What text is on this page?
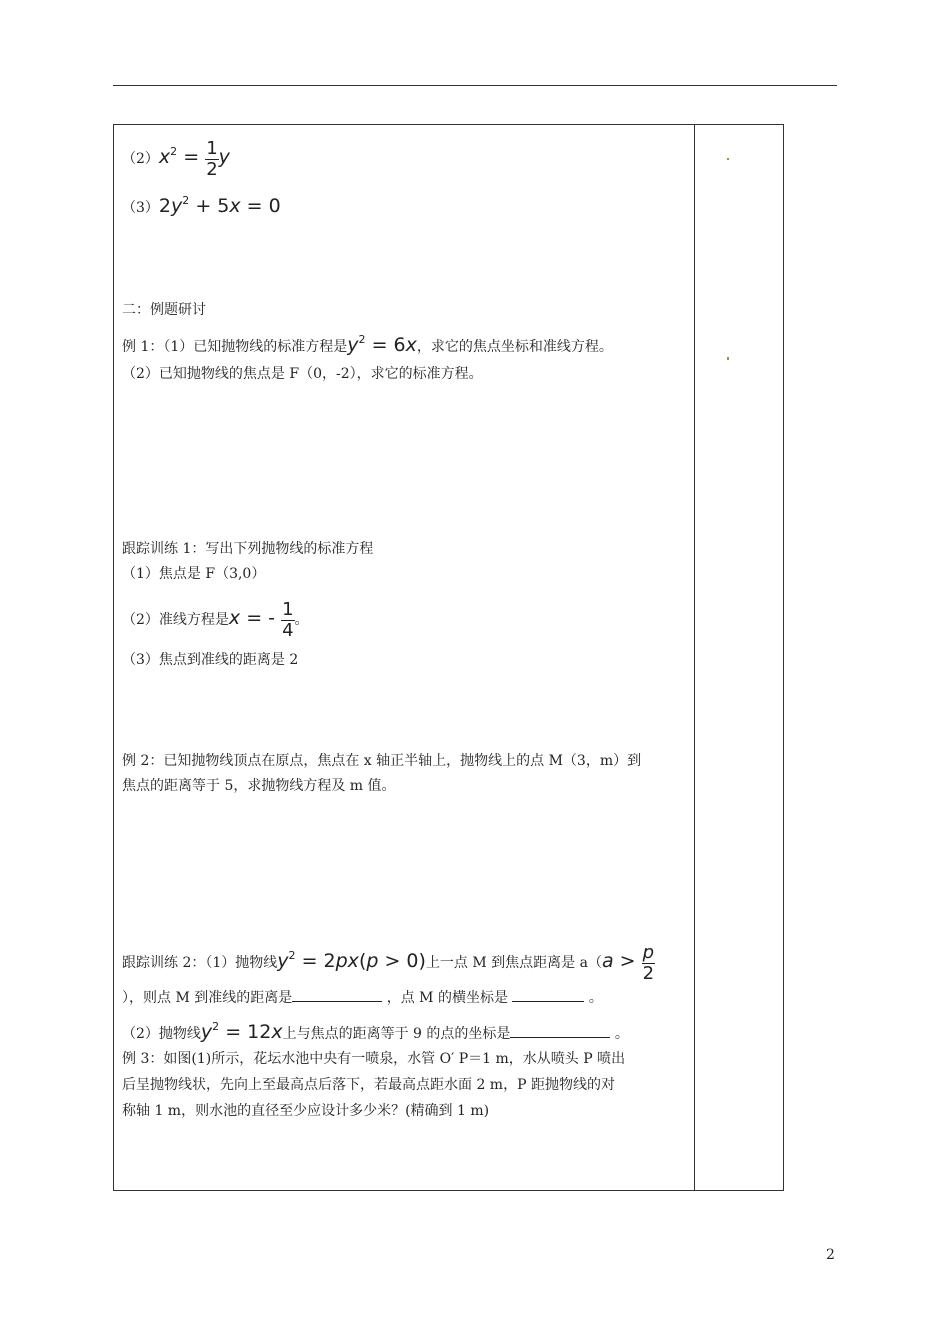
$(2)x^2 = \frac{1}{2}$ y
$(3)2y^2 + 5x = 0$
二：例题研讨
例 1：（1）已知抛物线的标准方程是$y^2 = 6x$，求它的焦点坐标和准线方程。
（2）已知抛物线的焦点是 F（0，-2），求它的标准方程。
跟踪训练 1：写出下列抛物线的标准方程
（1）焦点是 F（3,0）
（2）准线方程是x = - $\frac{1}{4}$ 。
（3）焦点到准线的距离是 2
例 2：已知抛物线顶点在原点，焦点在 x 轴正半轴上，抛物线上的点 M（3，m）到
焦点的距离等于 5，求抛物线方程及 m 值。
跟踪训练 2：（1）抛物线$y^2 = 2px(p > 0)$上一点 M 到焦点距离是 $a(a > \frac{p}{2}$
），则点 M 到准线的距离是	，点 M 的横坐标是	。
（2）抛物线$y^2 = 12x$上与焦点的距离等于 9 的点的坐标是	。
例 3：如图(1)所示，花坛水池中央有一喷泉，水管 O′ P＝1 m，水从喷头 P 喷出
后呈抛物线状，先向上至最高点后落下，若最高点距水面 2 m，P 距抛物线的对
称轴 1 m，则水池的直径至少应设计多少米？(精确到 1 m)
2
